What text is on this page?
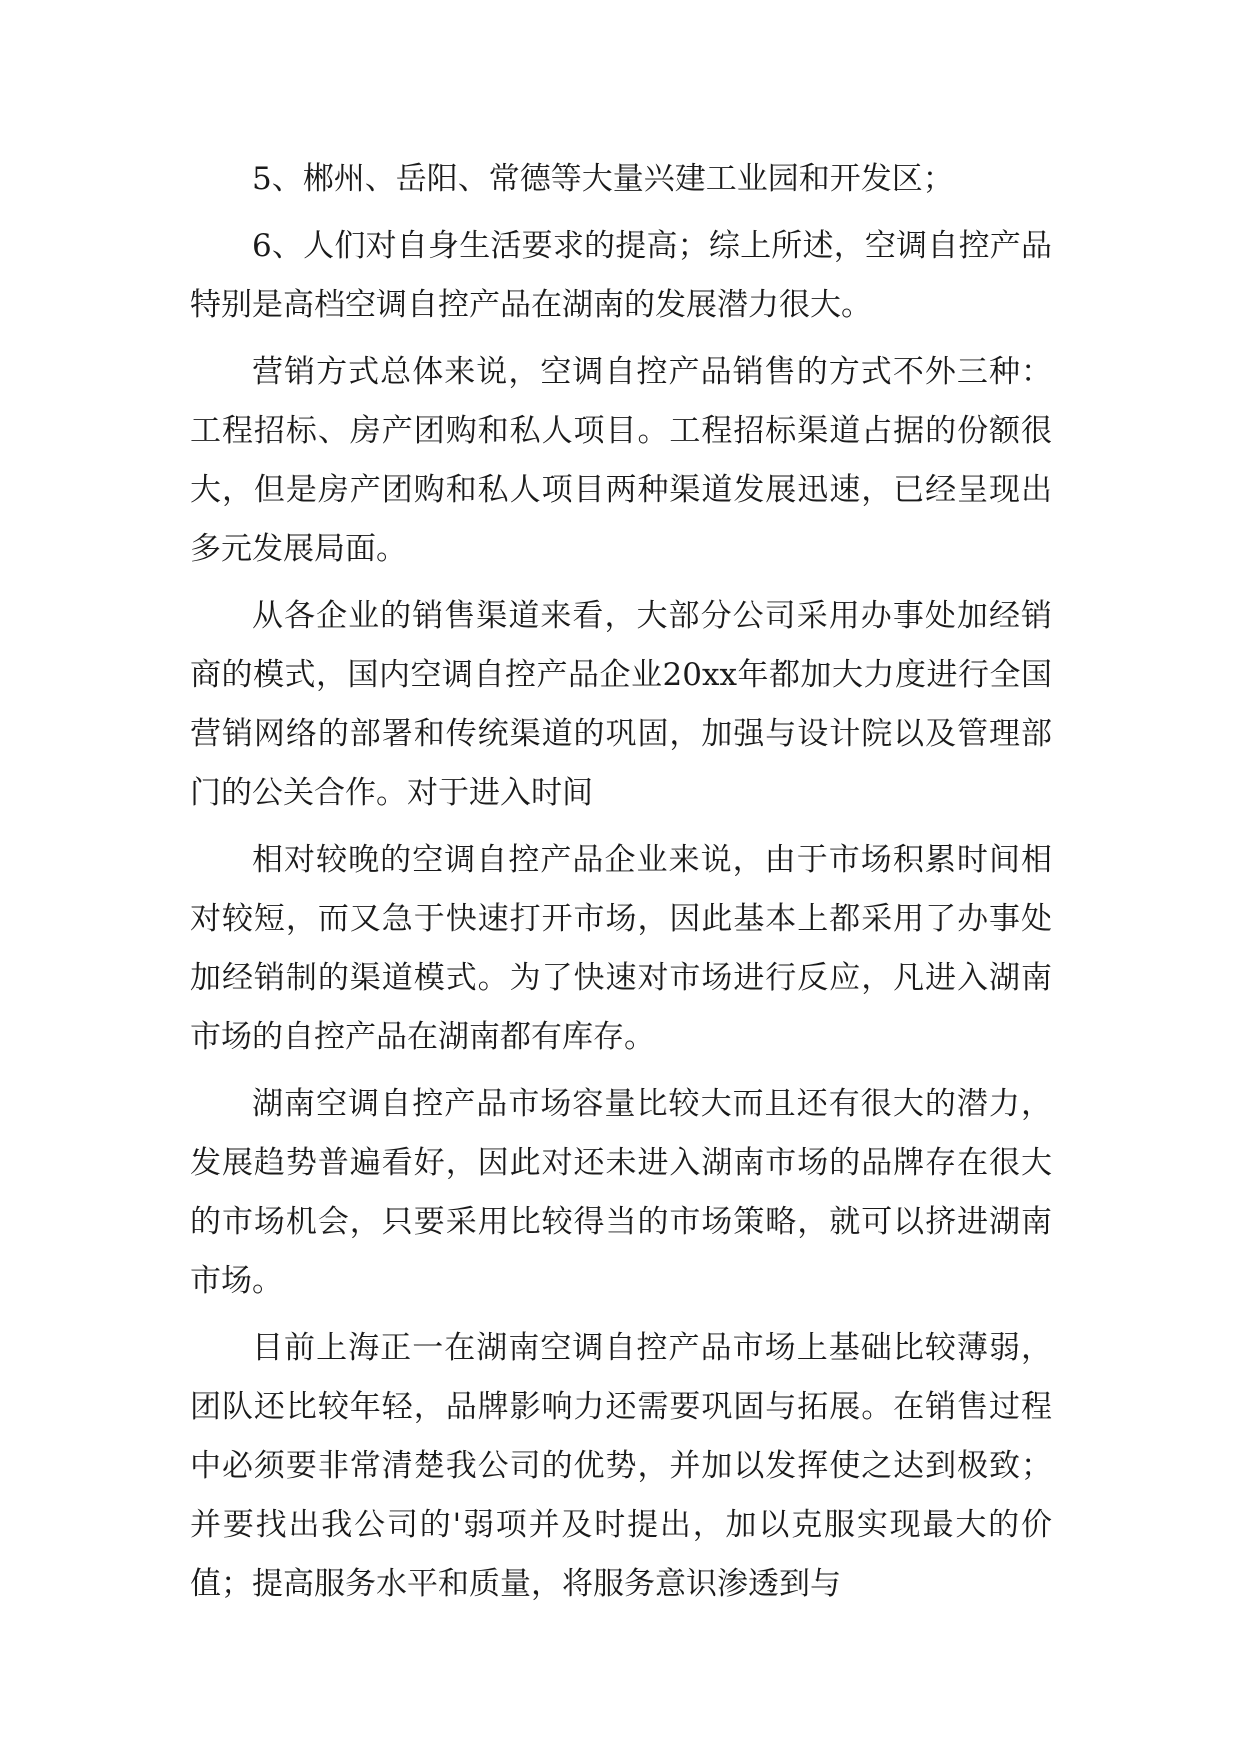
5、郴州、岳阳、常德等大量兴建工业园和开发区；

6、人们对自身生活要求的提高；综上所述，空调自控产品特别是高档空调自控产品在湖南的发展潜力很大。

营销方式总体来说，空调自控产品销售的方式不外三种：工程招标、房产团购和私人项目。工程招标渠道占据的份额很大，但是房产团购和私人项目两种渠道发展迅速，已经呈现出多元发展局面。

从各企业的销售渠道来看，大部分公司采用办事处加经销商的模式，国内空调自控产品企业20xx年都加大力度进行全国营销网络的部署和传统渠道的巩固，加强与设计院以及管理部门的公关合作。对于进入时间

相对较晚的空调自控产品企业来说，由于市场积累时间相对较短，而又急于快速打开市场，因此基本上都采用了办事处加经销制的渠道模式。为了快速对市场进行反应，凡进入湖南市场的自控产品在湖南都有库存。

湖南空调自控产品市场容量比较大而且还有很大的潜力，发展趋势普遍看好，因此对还未进入湖南市场的品牌存在很大的市场机会，只要采用比较得当的市场策略，就可以挤进湖南市场。

目前上海正一在湖南空调自控产品市场上基础比较薄弱，团队还比较年轻，品牌影响力还需要巩固与拓展。在销售过程中必须要非常清楚我公司的优势，并加以发挥使之达到极致；并要找出我公司的'弱项并及时提出，加以克服实现最大的价值；提高服务水平和质量，将服务意识渗透到与
